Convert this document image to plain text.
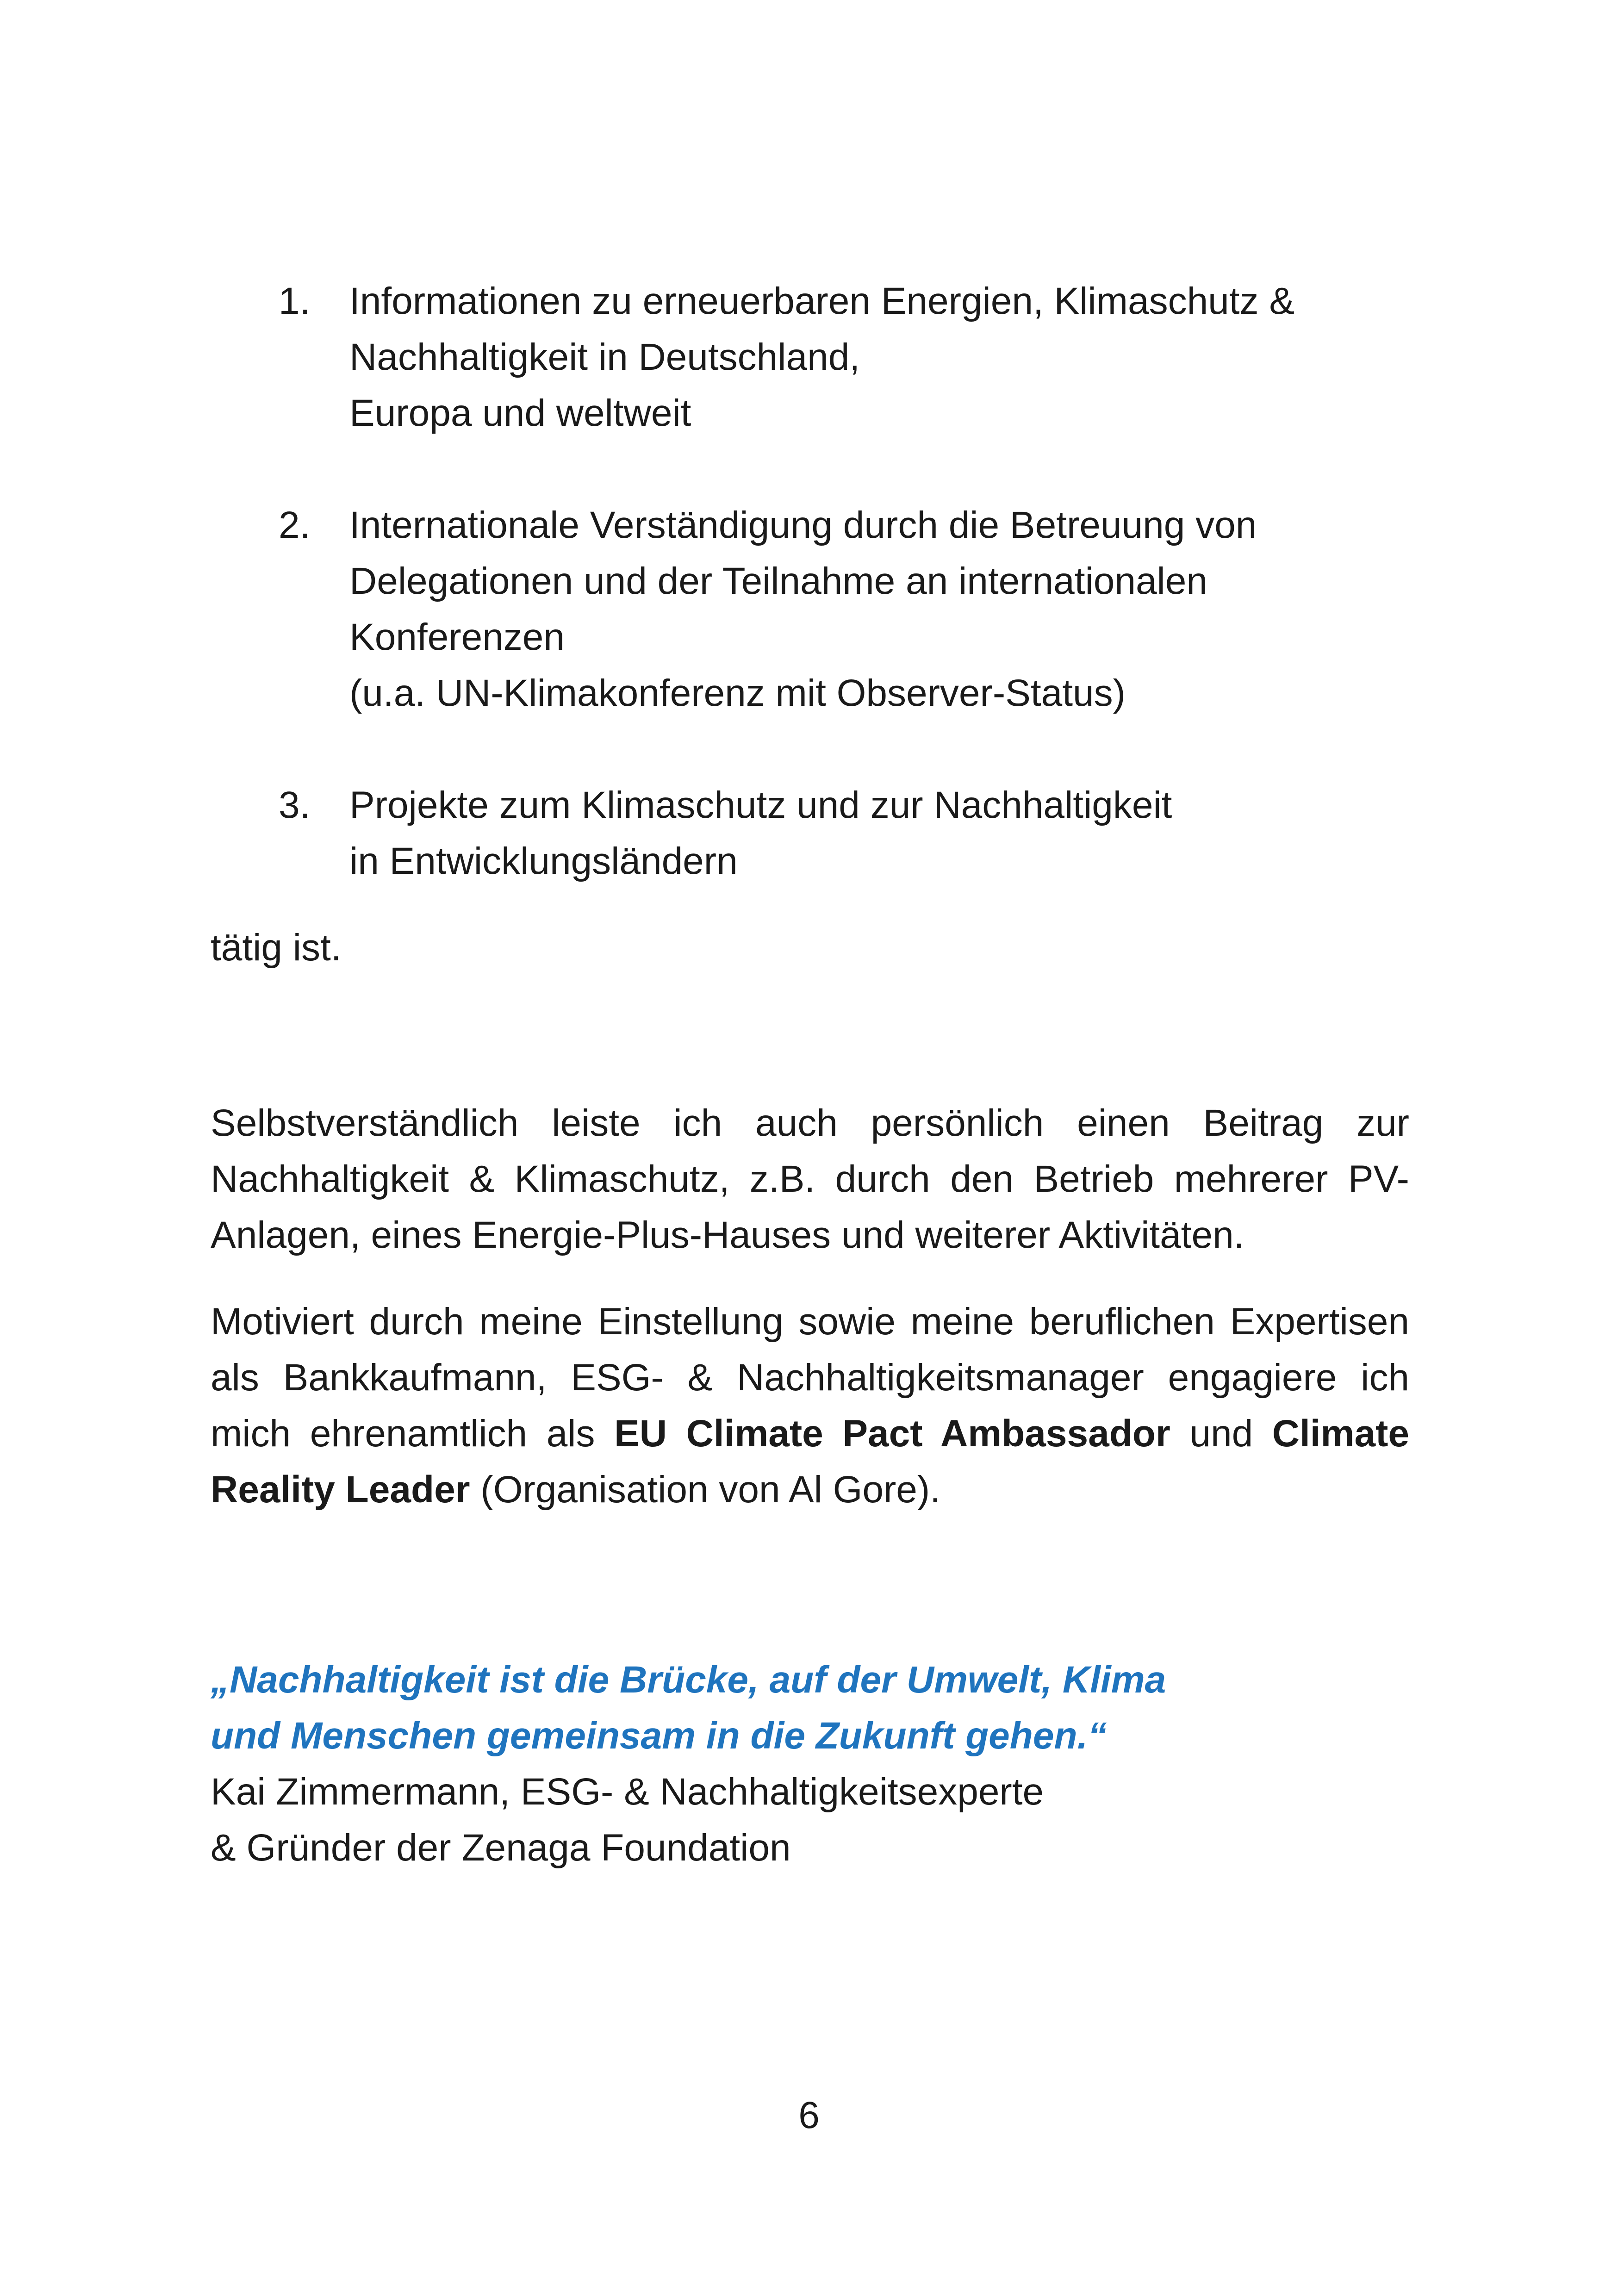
1. Informationen zu erneuerbaren Energien, Klimaschutz &
Nachhaltigkeit in Deutschland,
Europa und weltweit
2. Internationale Verständigung durch die Betreuung von
Delegationen und der Teilnahme an internationalen
Konferenzen
(u.a. UN-Klimakonferenz mit Observer-Status)
3. Projekte zum Klimaschutz und zur Nachhaltigkeit
in Entwicklungsländern
tätig ist.

Selbstverständlich leiste ich auch persönlich einen Beitrag zur Nachhaltigkeit & Klimaschutz, z.B. durch den Betrieb mehrerer PV-Anlagen, eines Energie-Plus-Hauses und weiterer Aktivitäten.

Motiviert durch meine Einstellung sowie meine beruflichen Expertisen als Bankkaufmann, ESG- & Nachhaltigkeitsmanager engagiere ich mich ehrenamtlich als EU Climate Pact Ambassador und Climate Reality Leader (Organisation von Al Gore).

„Nachhaltigkeit ist die Brücke, auf der Umwelt, Klima
und Menschen gemeinsam in die Zukunft gehen.“
Kai Zimmermann, ESG- & Nachhaltigkeitsexperte
& Gründer der Zenaga Foundation
6
